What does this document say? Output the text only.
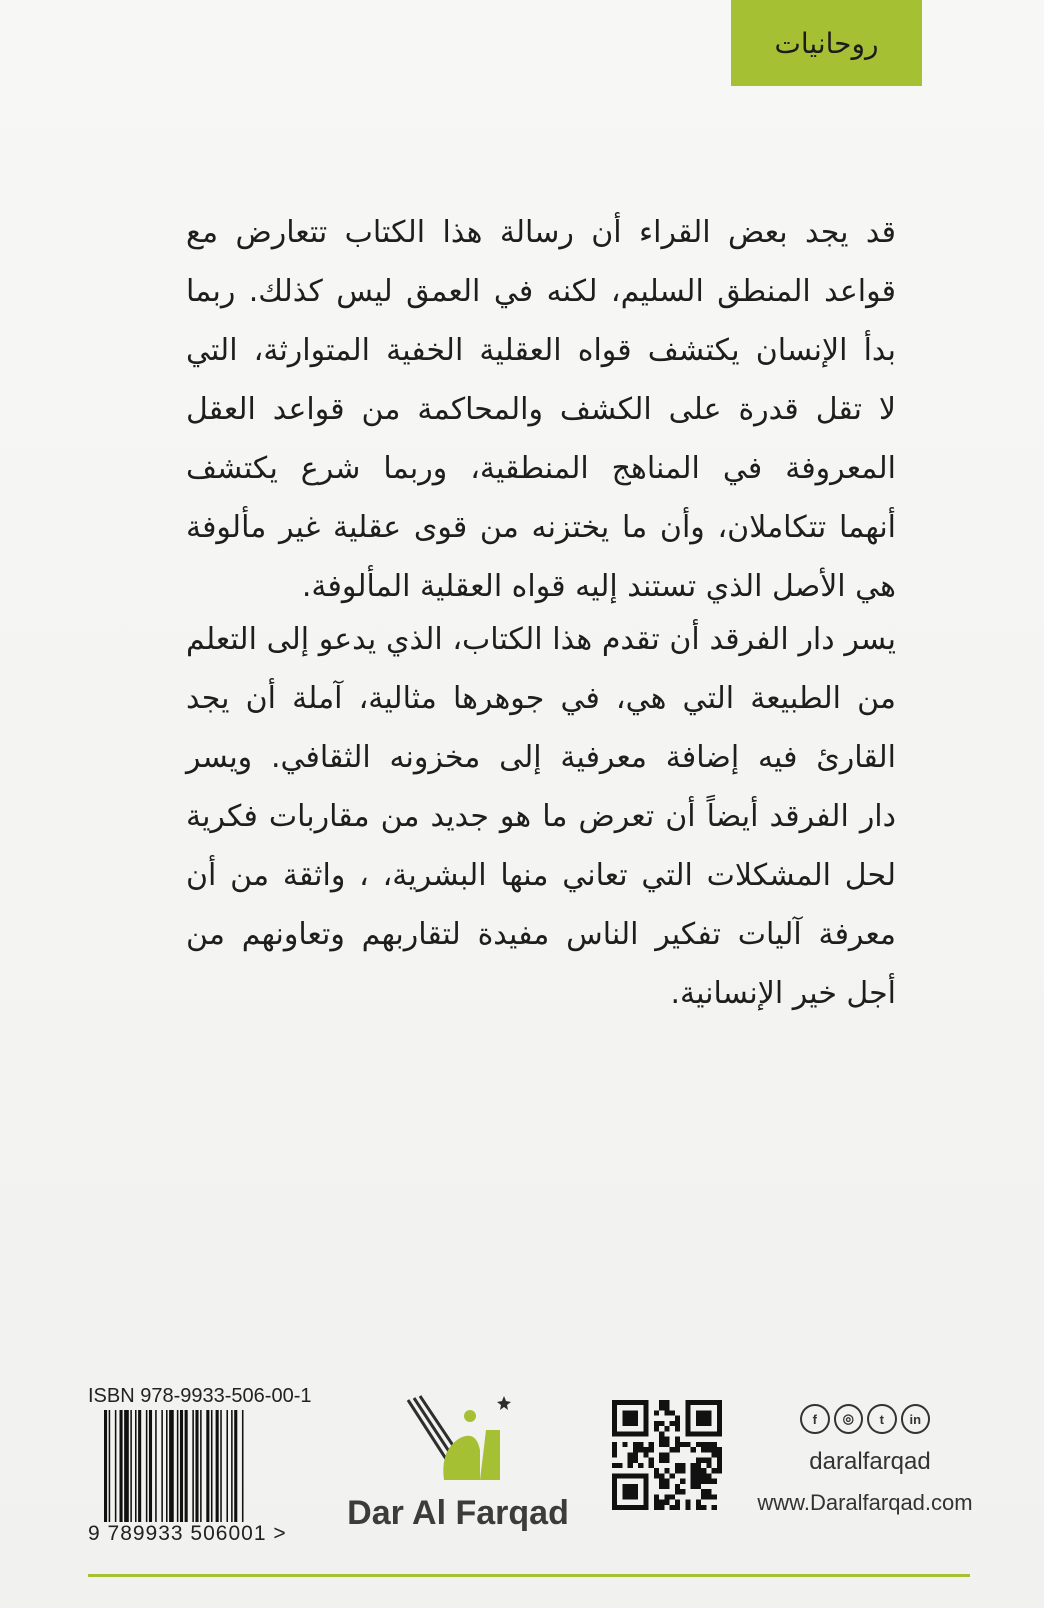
روحانيات
قد يجد بعض القراء أن رسالة هذا الكتاب تتعارض مع
قواعد المنطق السليم، لكنه في العمق ليس كذلك. ربما
بدأ الإنسان يكتشف قواه العقلية الخفية المتوارثة، التي
لا تقل قدرة على الكشف والمحاكمة من قواعد العقل
المعروفة في المناهج المنطقية، وربما شرع يكتشف
أنهما تتكاملان، وأن ما يختزنه من قوى عقلية غير مألوفة
هي الأصل الذي تستند إليه قواه العقلية المألوفة.
يسر دار الفرقد أن تقدم هذا الكتاب، الذي يدعو إلى التعلم
من الطبيعة التي هي، في جوهرها مثالية، آملة أن يجد
القارئ فيه إضافة معرفية إلى مخزونه الثقافي. ويسر
دار الفرقد أيضاً أن تعرض ما هو جديد من مقاربات فكرية
لحل المشكلات التي تعاني منها البشرية، ، واثقة من أن
معرفة آليات تفكير الناس مفيدة لتقاربهم وتعاونهم من
أجل خير الإنسانية.
ISBN 978-9933-506-00-1
9 789933 506001 >
Dar Al Farqad
f	◎	t	in
daralfarqad
www.Daralfarqad.com
